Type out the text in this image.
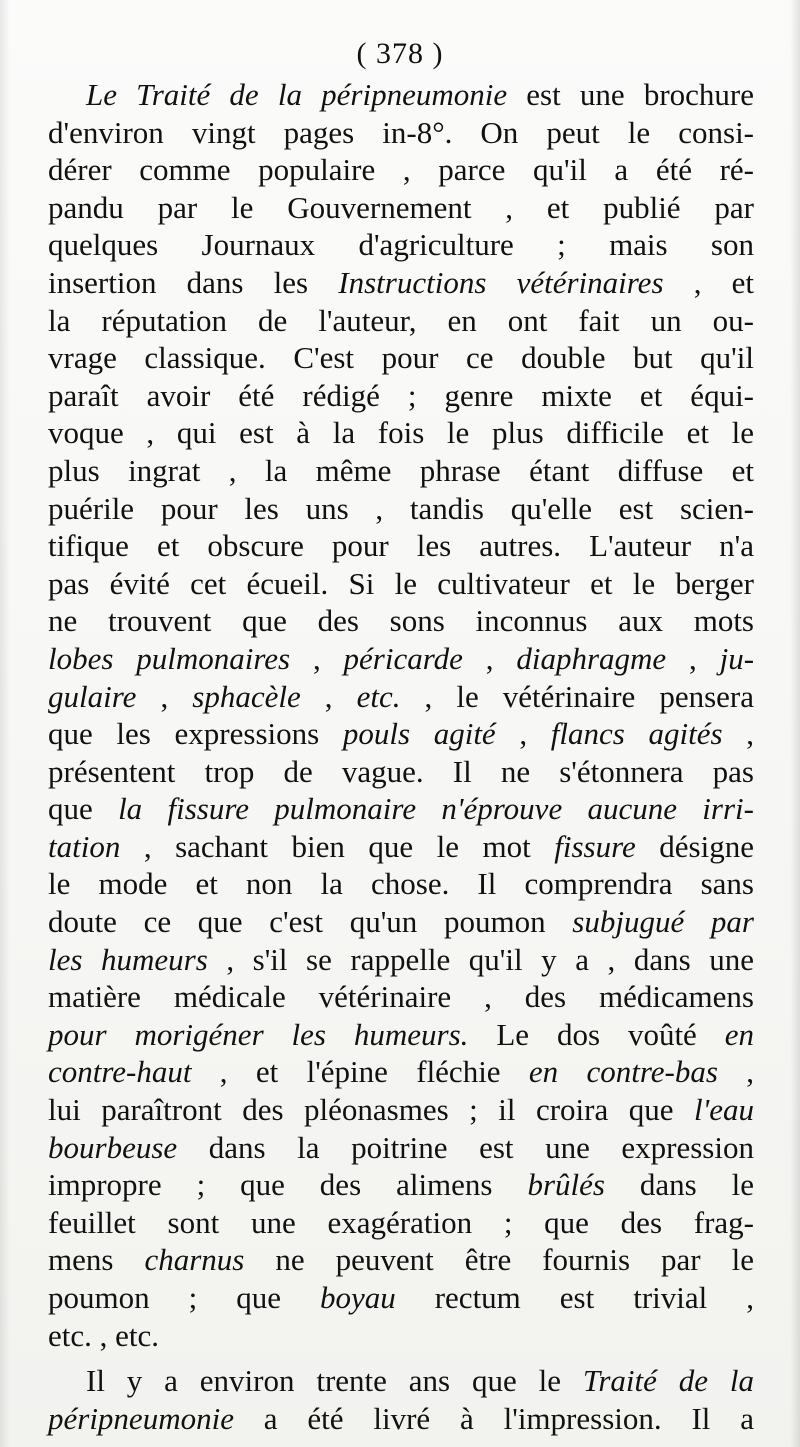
( 378 )
Le Traité de la péripneumonie est une brochure
d'environ vingt pages in-8°. On peut le consi-
dérer comme populaire , parce qu'il a été ré-
pandu par le Gouvernement , et publié par
quelques Journaux d'agriculture ; mais son
insertion dans les Instructions vétérinaires , et
la réputation de l'auteur, en ont fait un ou-
vrage classique. C'est pour ce double but qu'il
paraît avoir été rédigé ; genre mixte et équi-
voque , qui est à la fois le plus difficile et le
plus ingrat , la même phrase étant diffuse et
puérile pour les uns , tandis qu'elle est scien-
tifique et obscure pour les autres. L'auteur n'a
pas évité cet écueil. Si le cultivateur et le berger
ne trouvent que des sons inconnus aux mots
lobes pulmonaires , péricarde , diaphragme , ju-
gulaire , sphacèle , etc. , le vétérinaire pensera
que les expressions pouls agité , flancs agités ,
présentent trop de vague. Il ne s'étonnera pas
que la fissure pulmonaire n'éprouve aucune irri-
tation , sachant bien que le mot fissure désigne
le mode et non la chose. Il comprendra sans
doute ce que c'est qu'un poumon subjugué par
les humeurs , s'il se rappelle qu'il y a , dans une
matière médicale vétérinaire , des médicamens
pour morigéner les humeurs. Le dos voûté en
contre-haut , et l'épine fléchie en contre-bas ,
lui paraîtront des pléonasmes ; il croira que l'eau
bourbeuse dans la poitrine est une expression
impropre ; que des alimens brûlés dans le
feuillet sont une exagération ; que des frag-
mens charnus ne peuvent être fournis par le
poumon ; que boyau rectum est trivial ,
etc. , etc.
Il y a environ trente ans que le Traité de la
péripneumonie a été livré à l'impression. Il a
